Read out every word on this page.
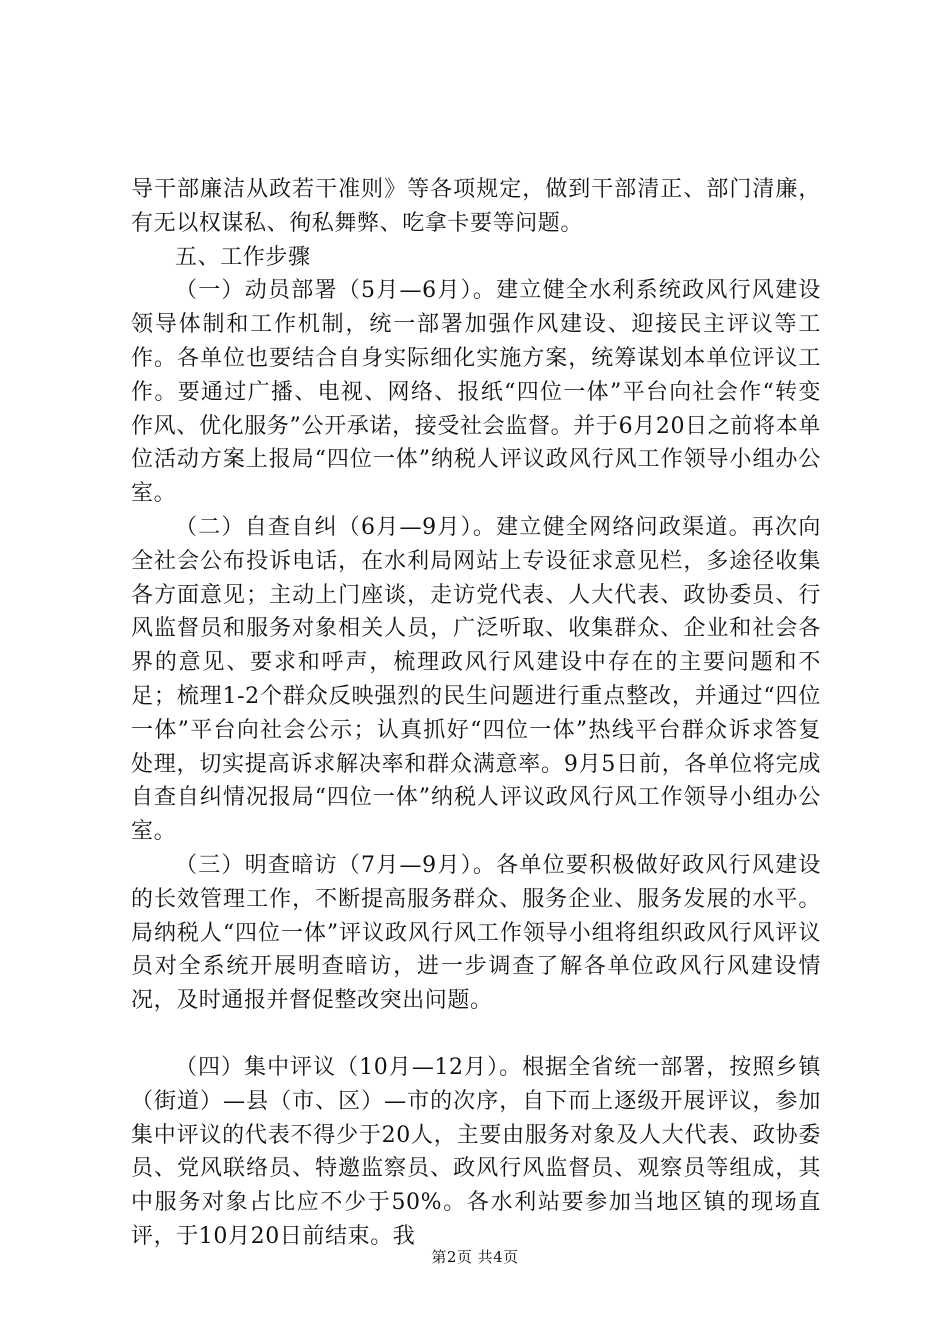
导干部廉洁从政若干准则》等各项规定，做到干部清正、部门清廉，有无以权谋私、徇私舞弊、吃拿卡要等问题。

五、工作步骤

（一）动员部署（5月—6月）。建立健全水利系统政风行风建设领导体制和工作机制，统一部署加强作风建设、迎接民主评议等工作。各单位也要结合自身实际细化实施方案，统筹谋划本单位评议工作。要通过广播、电视、网络、报纸“四位一体”平台向社会作“转变作风、优化服务”公开承诺，接受社会监督。并于6月20日之前将本单位活动方案上报局“四位一体”纳税人评议政风行风工作领导小组办公室。

（二）自查自纠（6月—9月）。建立健全网络问政渠道。再次向全社会公布投诉电话，在水利局网站上专设征求意见栏，多途径收集各方面意见；主动上门座谈，走访党代表、人大代表、政协委员、行风监督员和服务对象相关人员，广泛听取、收集群众、企业和社会各界的意见、要求和呼声，梳理政风行风建设中存在的主要问题和不足；梳理1-2个群众反映强烈的民生问题进行重点整改，并通过“四位一体”平台向社会公示；认真抓好“四位一体”热线平台群众诉求答复处理，切实提高诉求解决率和群众满意率。9月5日前，各单位将完成自查自纠情况报局“四位一体”纳税人评议政风行风工作领导小组办公室。

（三）明查暗访（7月—9月）。各单位要积极做好政风行风建设的长效管理工作，不断提高服务群众、服务企业、服务发展的水平。局纳税人“四位一体”评议政风行风工作领导小组将组织政风行风评议员对全系统开展明查暗访，进一步调查了解各单位政风行风建设情况，及时通报并督促整改突出问题。

（四）集中评议（10月—12月）。根据全省统一部署，按照乡镇（街道）—县（市、区）—市的次序，自下而上逐级开展评议，参加集中评议的代表不得少于20人，主要由服务对象及人大代表、政协委员、党风联络员、特邀监察员、政风行风监督员、观察员等组成，其中服务对象占比应不少于50%。各水利站要参加当地区镇的现场直评，于10月20日前结束。我

第2页 共4页
